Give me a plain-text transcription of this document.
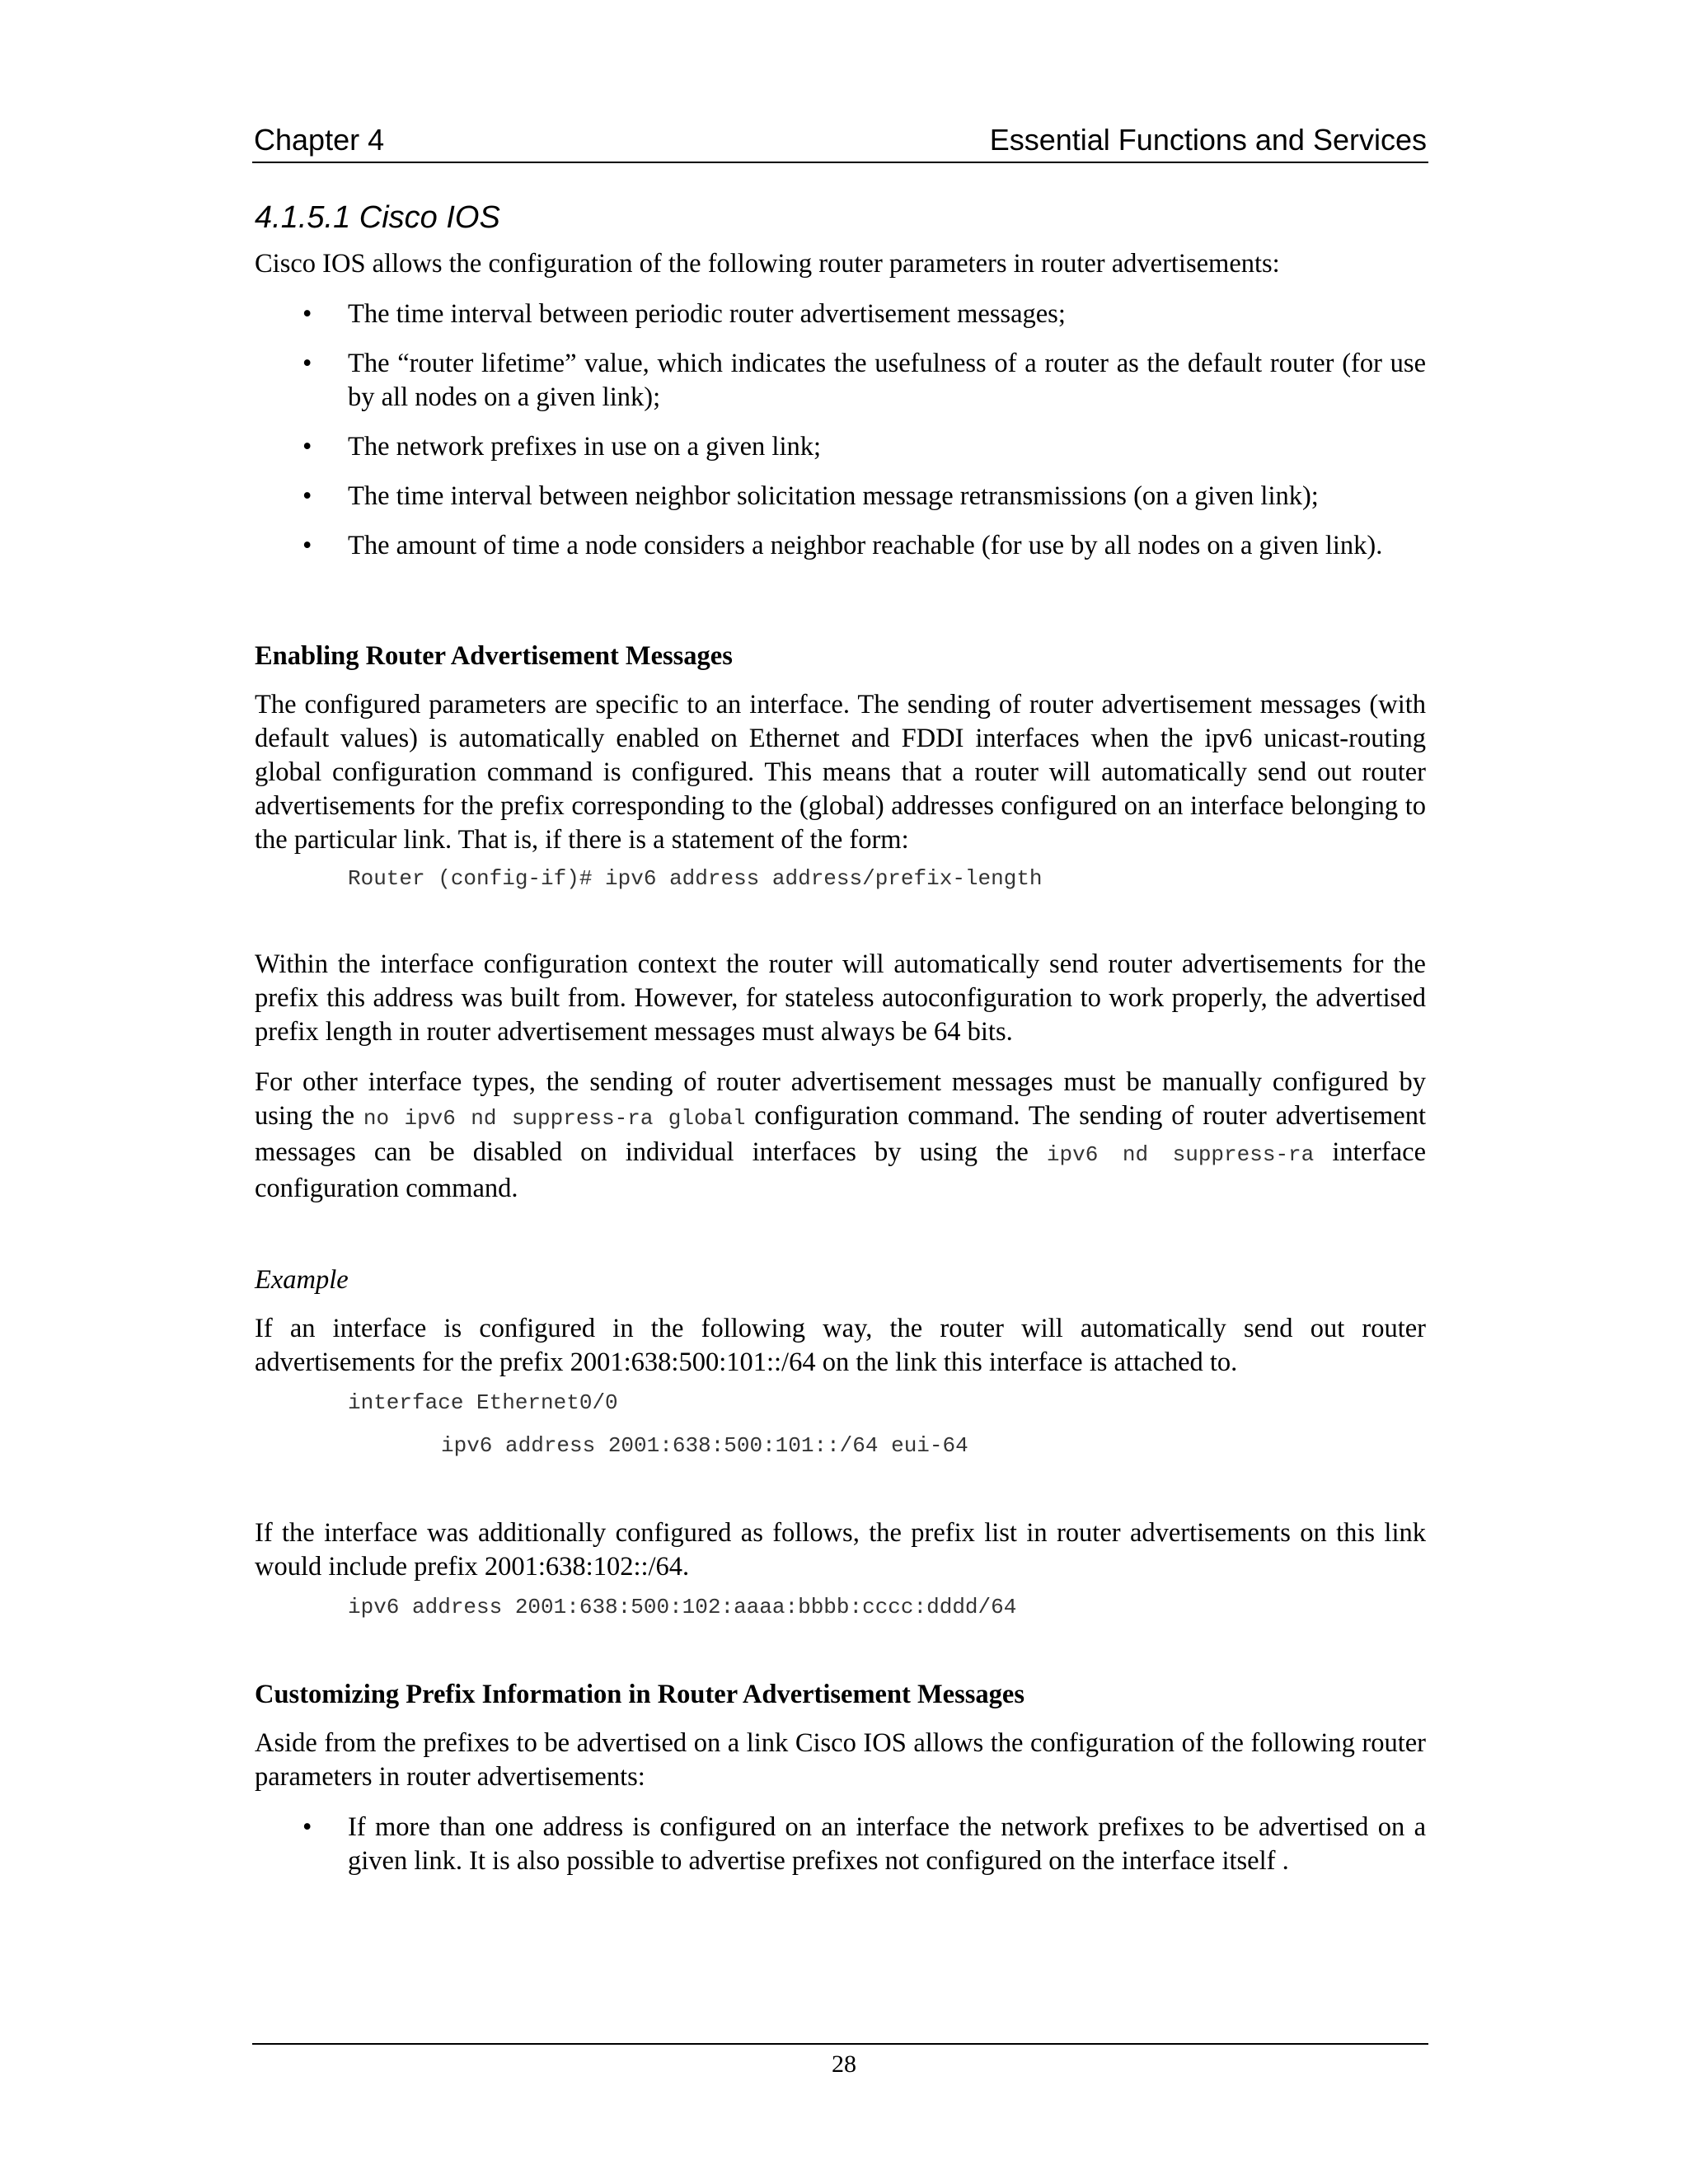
Chapter 4	Essential Functions and Services
4.1.5.1 Cisco IOS

Cisco IOS allows the configuration of the following router parameters in router advertisements:

• The time interval between periodic router advertisement messages;
• The “router lifetime” value, which indicates the usefulness of a router as the default router (for use by all nodes on a given link);
• The network prefixes in use on a given link;
• The time interval between neighbor solicitation message retransmissions (on a given link);
• The amount of time a node considers a neighbor reachable (for use by all nodes on a given link).
Enabling Router Advertisement Messages

The configured parameters are specific to an interface. The sending of router advertisement messages (with default values) is automatically enabled on Ethernet and FDDI interfaces when the ipv6 unicast-routing global configuration command is configured. This means that a router will automatically send out router advertisements for the prefix corresponding to the (global) addresses configured on an interface belonging to the particular link. That is, if there is a statement of the form:

Router (config-if)# ipv6 address address/prefix-length

Within the interface configuration context the router will automatically send router advertisements for the prefix this address was built from. However, for stateless autoconfiguration to work properly, the advertised prefix length in router advertisement messages must always be 64 bits.

For other interface types, the sending of router advertisement messages must be manually configured by using the no ipv6 nd suppress-ra global configuration command. The sending of router advertisement messages can be disabled on individual interfaces by using the ipv6 nd suppress-ra interface configuration command.

Example

If an interface is configured in the following way, the router will automatically send out router advertisements for the prefix 2001:638:500:101::/64 on the link this interface is attached to.

interface Ethernet0/0
ipv6 address 2001:638:500:101::/64 eui-64

If the interface was additionally configured as follows, the prefix list in router advertisements on this link would include prefix 2001:638:102::/64.

ipv6 address 2001:638:500:102:aaaa:bbbb:cccc:dddd/64
Customizing Prefix Information in Router Advertisement Messages

Aside from the prefixes to be advertised on a link Cisco IOS allows the configuration of the following router parameters in router advertisements:

• If more than one address is configured on an interface the network prefixes to be advertised on a given link. It is also possible to advertise prefixes not configured on the interface itself .
28
